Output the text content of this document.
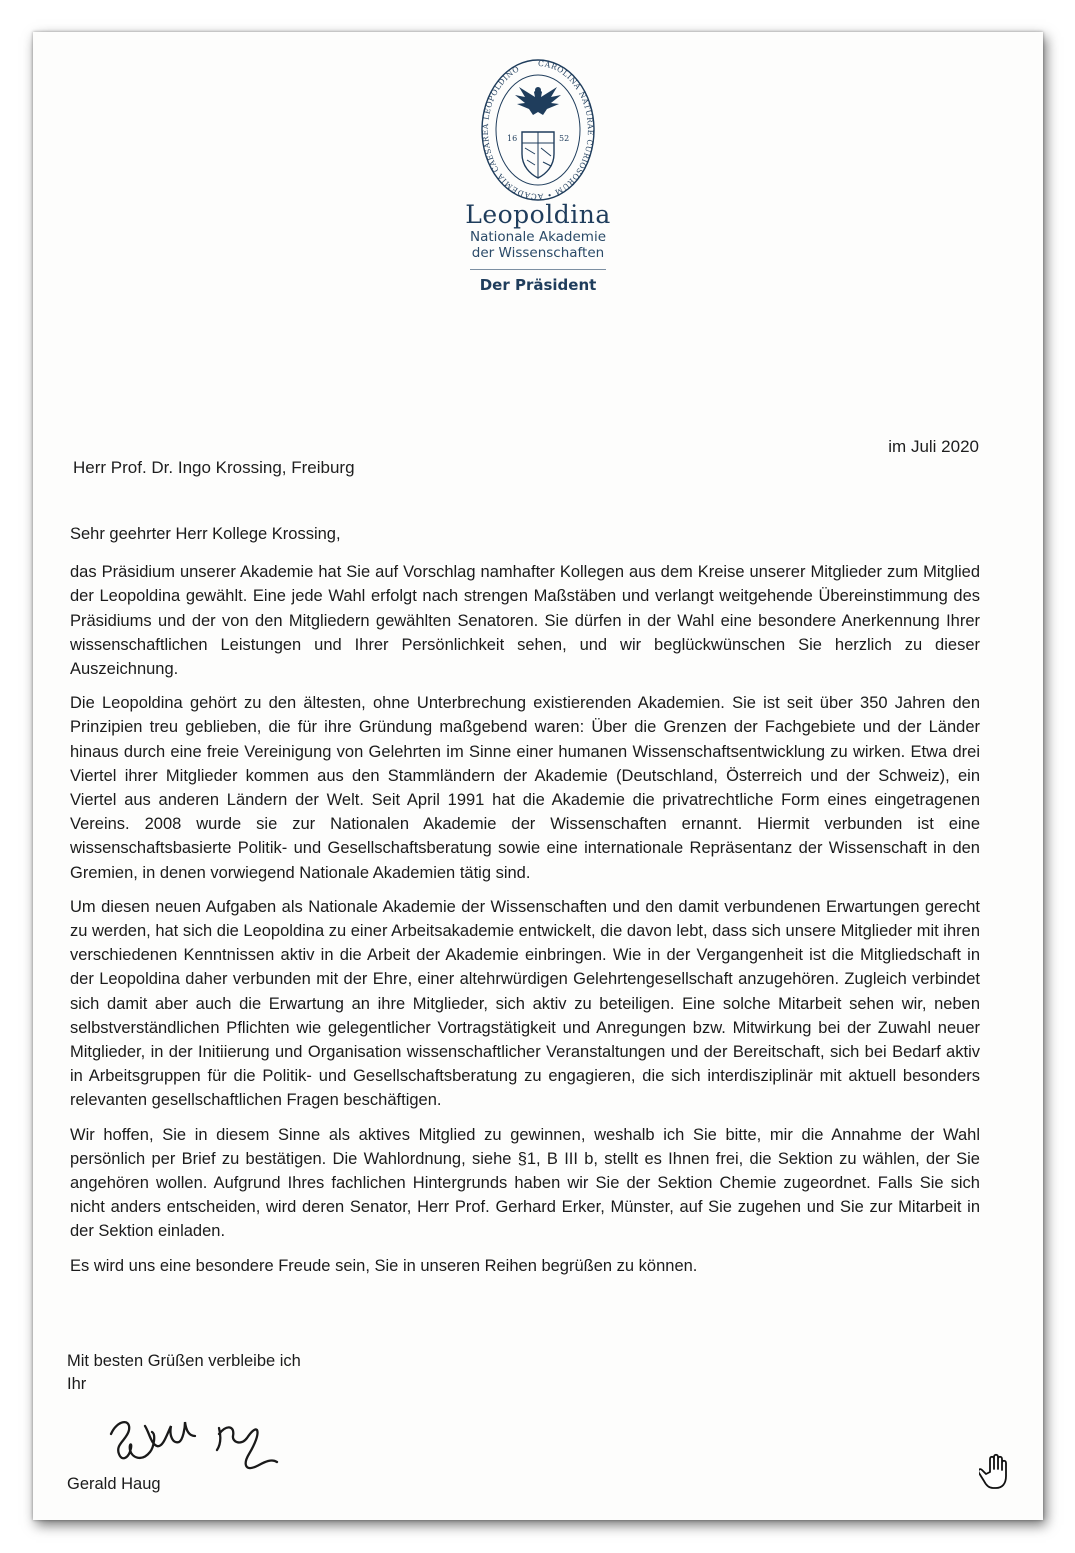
CAROLINA NATURAE CURIOSORUM • ACADEMIA CAESAREA LEOPOLDINO
16	52
Leopoldina
Nationale Akademie
der Wissenschaften
Der Präsident
im Juli 2020
Herr Prof. Dr. Ingo Krossing, Freiburg

Sehr geehrter Herr Kollege Krossing,

das Präsidium unserer Akademie hat Sie auf Vorschlag namhafter Kollegen aus dem Kreise unserer Mitglieder zum Mitglied der Leopoldina gewählt. Eine jede Wahl erfolgt nach strengen Maßstäben und verlangt weitgehende Übereinstimmung des Präsidiums und der von den Mitgliedern gewählten Senatoren. Sie dürfen in der Wahl eine besondere Anerkennung Ihrer wissenschaftlichen Leistungen und Ihrer Persönlichkeit sehen, und wir beglückwünschen Sie herzlich zu dieser Auszeichnung.

Die Leopoldina gehört zu den ältesten, ohne Unterbrechung existierenden Akademien. Sie ist seit über 350 Jahren den Prinzipien treu geblieben, die für ihre Gründung maßgebend waren: Über die Grenzen der Fachgebiete und der Länder hinaus durch eine freie Vereinigung von Gelehrten im Sinne einer humanen Wissenschaftsentwicklung zu wirken. Etwa drei Viertel ihrer Mitglieder kommen aus den Stammländern der Akademie (Deutschland, Österreich und der Schweiz), ein Viertel aus anderen Ländern der Welt. Seit April 1991 hat die Akademie die privatrechtliche Form eines eingetragenen Vereins. 2008 wurde sie zur Nationalen Akademie der Wissenschaften ernannt. Hiermit verbunden ist eine wissenschaftsbasierte Politik- und Gesellschaftsberatung sowie eine internationale Repräsentanz der Wissenschaft in den Gremien, in denen vorwiegend Nationale Akademien tätig sind.

Um diesen neuen Aufgaben als Nationale Akademie der Wissenschaften und den damit verbundenen Erwartungen gerecht zu werden, hat sich die Leopoldina zu einer Arbeitsakademie entwickelt, die davon lebt, dass sich unsere Mitglieder mit ihren verschiedenen Kenntnissen aktiv in die Arbeit der Akademie einbringen. Wie in der Vergangenheit ist die Mitgliedschaft in der Leopoldina daher verbunden mit der Ehre, einer altehrwürdigen Gelehrtengesellschaft anzugehören. Zugleich verbindet sich damit aber auch die Erwartung an ihre Mitglieder, sich aktiv zu beteiligen. Eine solche Mitarbeit sehen wir, neben selbstverständlichen Pflichten wie gelegentlicher Vortragstätigkeit und Anregungen bzw. Mitwirkung bei der Zuwahl neuer Mitglieder, in der Initiierung und Organisation wissenschaftlicher Veranstaltungen und der Bereitschaft, sich bei Bedarf aktiv in Arbeitsgruppen für die Politik- und Gesellschaftsberatung zu engagieren, die sich interdisziplinär mit aktuell besonders relevanten gesellschaftlichen Fragen beschäftigen.

Wir hoffen, Sie in diesem Sinne als aktives Mitglied zu gewinnen, weshalb ich Sie bitte, mir die Annahme der Wahl persönlich per Brief zu bestätigen. Die Wahlordnung, siehe §1, B III b, stellt es Ihnen frei, die Sektion zu wählen, der Sie angehören wollen. Aufgrund Ihres fachlichen Hintergrunds haben wir Sie der Sektion Chemie zugeordnet. Falls Sie sich nicht anders entscheiden, wird deren Senator, Herr Prof. Gerhard Erker, Münster, auf Sie zugehen und Sie zur Mitarbeit in der Sektion einladen.

Es wird uns eine besondere Freude sein, Sie in unseren Reihen begrüßen zu können.

Mit besten Grüßen verbleibe ich
Ihr
Gerald Haug
